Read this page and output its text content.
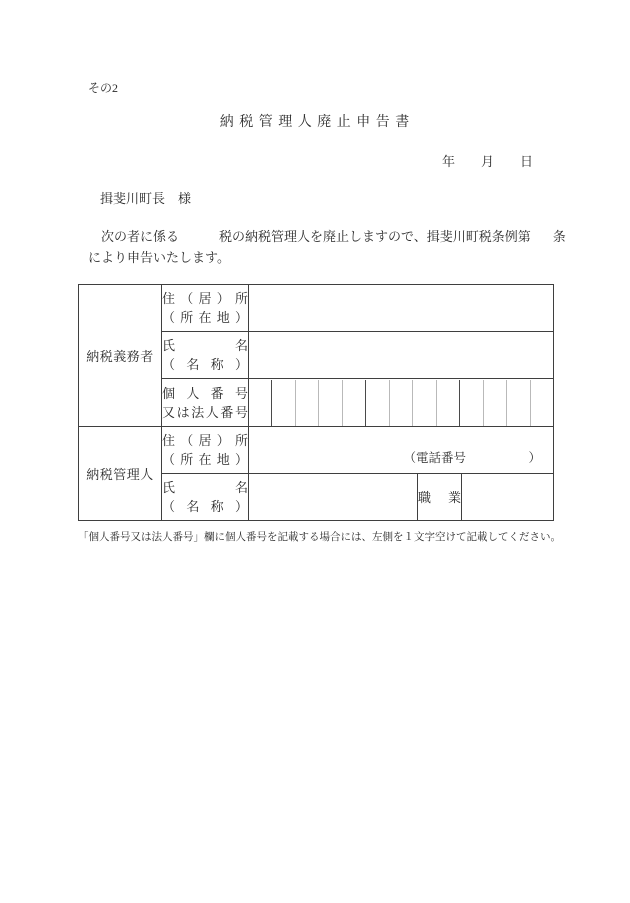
その2
納 税 管 理 人 廃 止 申 告 書
年　　月　　日
揖斐川町長　様
次の者に係る	税の納税管理人を廃止しますので、揖斐川町税条例第 条
により申告いたします。
納税義務者	住（居）所
（所在地）			

	氏名
（名称）			

	個人番号
又は法人番号			

納税管理人	住（居）所
（所在地）	（電話番号　　　　　）		

	氏名
（名称）		職業	

「個人番号又は法人番号」欄に個人番号を記載する場合には、左側を１文字空けて記載してください。
